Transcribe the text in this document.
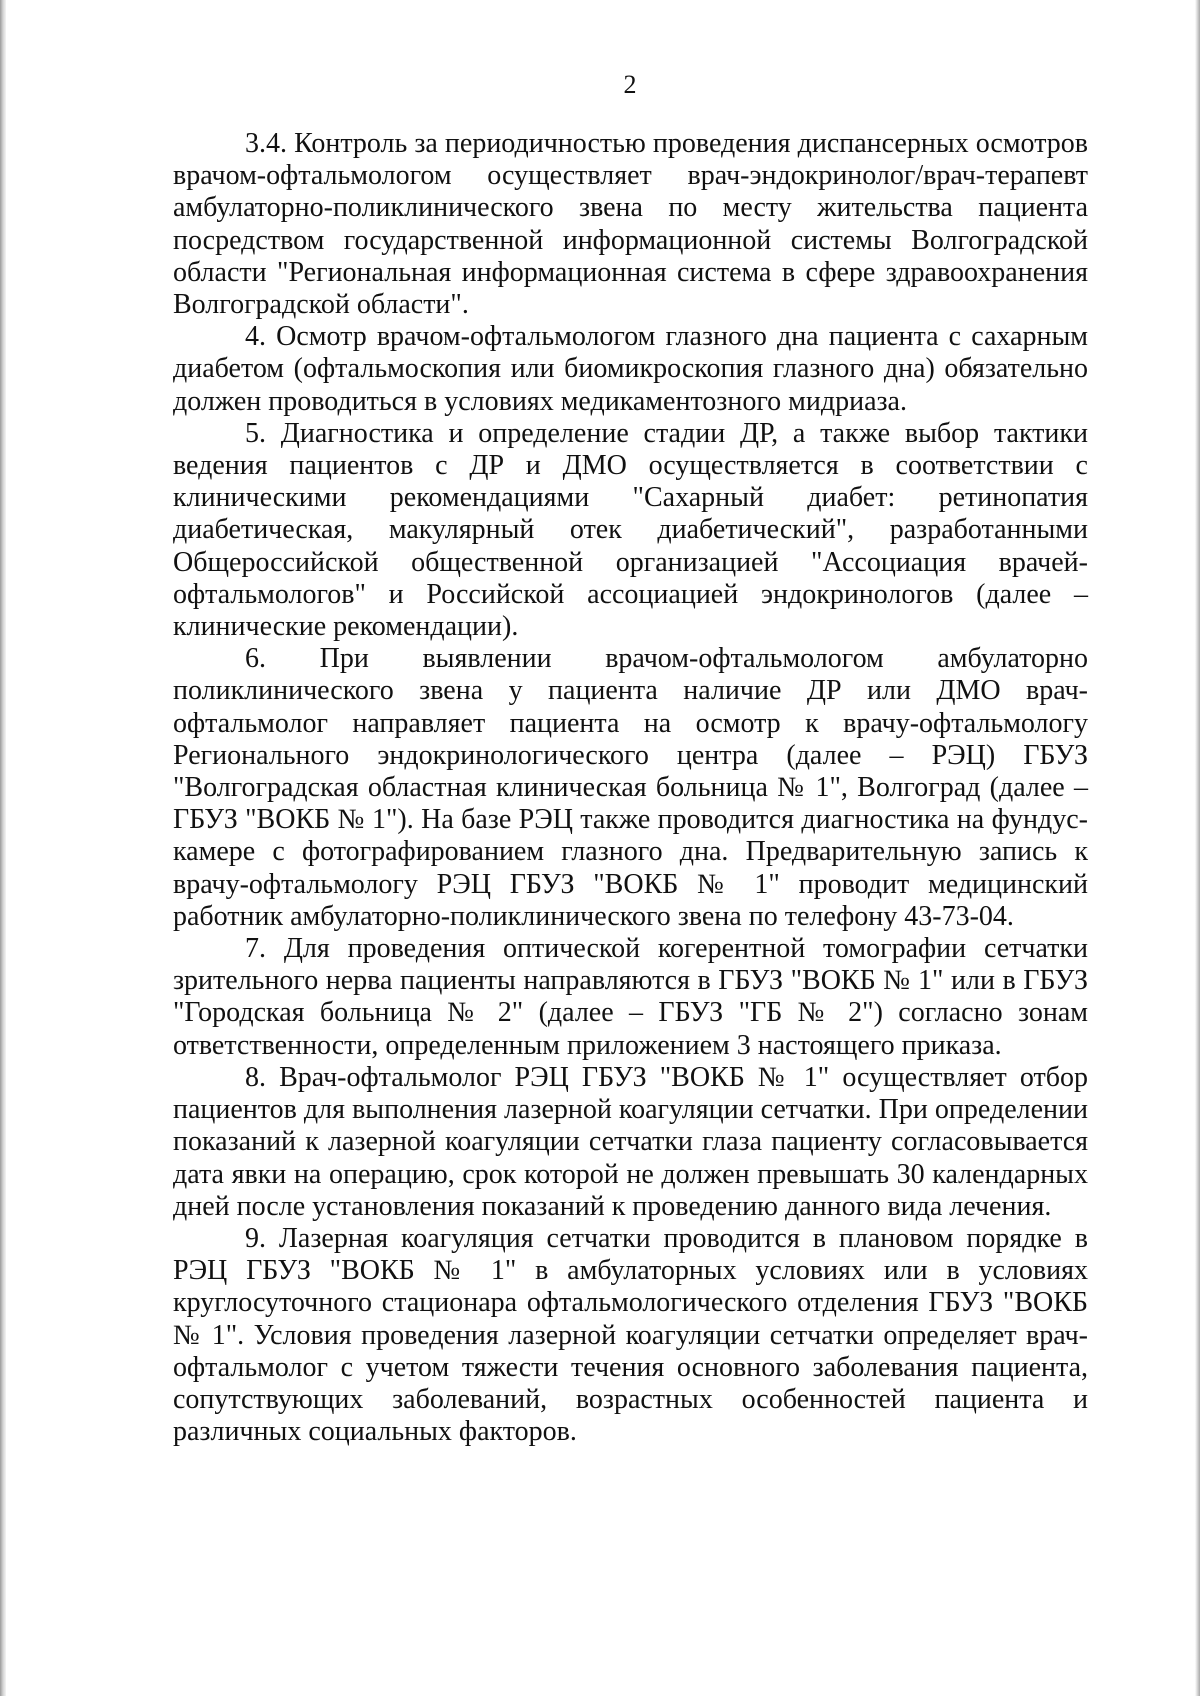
2

3.4. Контроль за периодичностью проведения диспансерных осмотров врачом-офтальмологом осуществляет врач-эндокринолог/врач-терапевт амбулаторно-поликлинического звена по месту жительства пациента посредством государственной информационной системы Волгоградской области "Региональная информационная система в сфере здравоохранения Волгоградской области".

4. Осмотр врачом-офтальмологом глазного дна пациента с сахарным диабетом (офтальмоскопия или биомикроскопия глазного дна) обязательно должен проводиться в условиях медикаментозного мидриаза.

5. Диагностика и определение стадии ДР, а также выбор тактики ведения пациентов с ДР и ДМО осуществляется в соответствии с клиническими рекомендациями "Сахарный диабет: ретинопатия диабетическая, макулярный отек диабетический", разработанными Общероссийской общественной организацией "Ассоциация врачей-офтальмологов" и Российской ассоциацией эндокринологов (далее – клинические рекомендации).

6. При выявлении врачом-офтальмологом амбулаторно поликлинического звена у пациента наличие ДР или ДМО врач-офтальмолог направляет пациента на осмотр к врачу-офтальмологу Регионального эндокринологического центра (далее – РЭЦ) ГБУЗ "Волгоградская областная клиническая больница № 1", Волгоград (далее – ГБУЗ "ВОКБ № 1"). На базе РЭЦ также проводится диагностика на фундус-камере с фотографированием глазного дна. Предварительную запись к врачу-офтальмологу РЭЦ ГБУЗ "ВОКБ № 1" проводит медицинский работник амбулаторно-поликлинического звена по телефону 43-73-04.

7. Для проведения оптической когерентной томографии сетчатки зрительного нерва пациенты направляются в ГБУЗ "ВОКБ № 1" или в ГБУЗ "Городская больница № 2" (далее – ГБУЗ "ГБ № 2") согласно зонам ответственности, определенным приложением 3 настоящего приказа.

8. Врач-офтальмолог РЭЦ ГБУЗ "ВОКБ № 1" осуществляет отбор пациентов для выполнения лазерной коагуляции сетчатки. При определении показаний к лазерной коагуляции сетчатки глаза пациенту согласовывается дата явки на операцию, срок которой не должен превышать 30 календарных дней после установления показаний к проведению данного вида лечения.

9. Лазерная коагуляция сетчатки проводится в плановом порядке в РЭЦ ГБУЗ "ВОКБ № 1" в амбулаторных условиях или в условиях круглосуточного стационара офтальмологического отделения ГБУЗ "ВОКБ № 1". Условия проведения лазерной коагуляции сетчатки определяет врач-офтальмолог с учетом тяжести течения основного заболевания пациента, сопутствующих заболеваний, возрастных особенностей пациента и различных социальных факторов.
